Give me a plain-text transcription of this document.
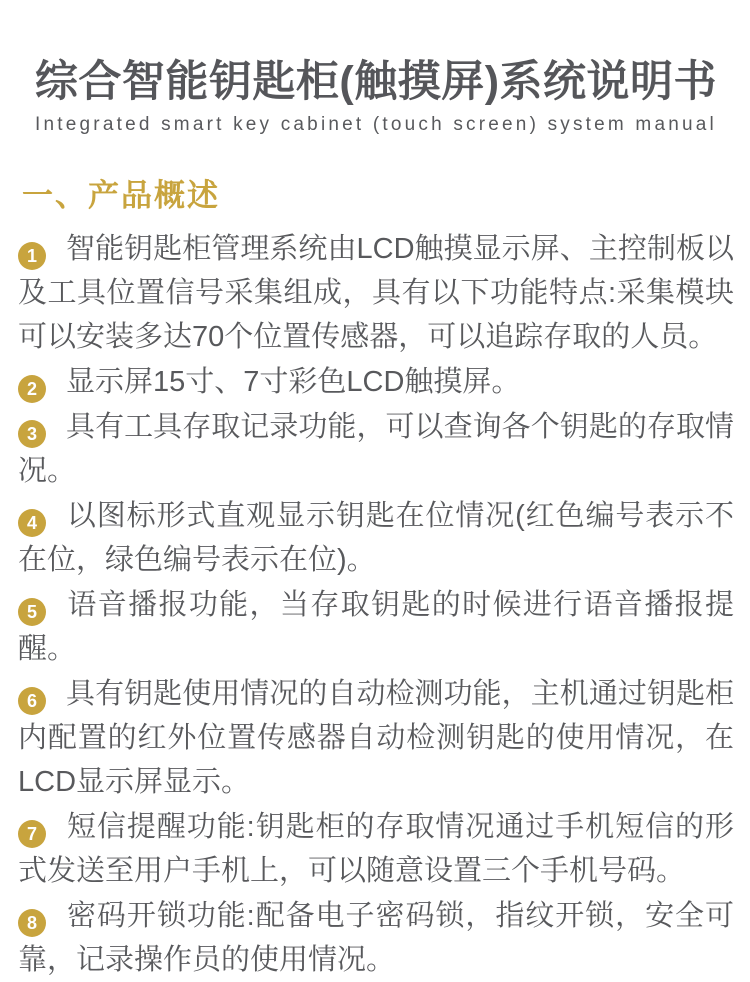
综合智能钥匙柜(触摸屏)系统说明书
Integrated smart key cabinet (touch screen) system manual
一、产品概述
1 智能钥匙柜管理系统由LCD触摸显示屏、主控制板以及工具位置信号采集组成，具有以下功能特点:采集模块可以安装多达70个位置传感器，可以追踪存取的人员。
2 显示屏15寸、7寸彩色LCD触摸屏。
3 具有工具存取记录功能，可以查询各个钥匙的存取情况。
4 以图标形式直观显示钥匙在位情况(红色编号表示不在位，绿色编号表示在位)。
5 语音播报功能，当存取钥匙的时候进行语音播报提醒。
6 具有钥匙使用情况的自动检测功能，主机通过钥匙柜内配置的红外位置传感器自动检测钥匙的使用情况，在LCD显示屏显示。
7 短信提醒功能:钥匙柜的存取情况通过手机短信的形式发送至用户手机上，可以随意设置三个手机号码。
8 密码开锁功能:配备电子密码锁，指纹开锁，安全可靠，记录操作员的使用情况。
